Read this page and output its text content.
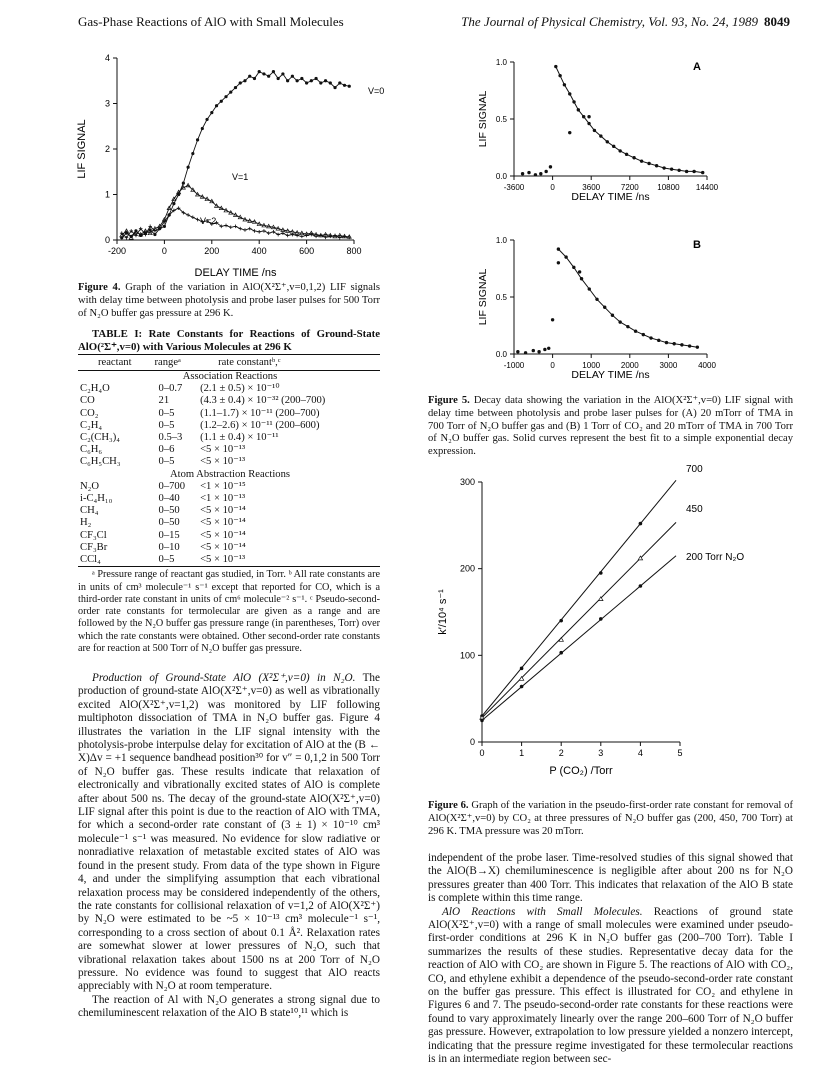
Gas-Phase Reactions of AlO with Small Molecules	The Journal of Physical Chemistry, Vol. 93, No. 24, 1989 8049
-200	0	200	400	600	800
0
1
2
3
4
DELAY TIME /ns
LIF SIGNAL
V=0
V=1
V=2

Figure 4. Graph of the variation in AlO(X²Σ⁺,v=0,1,2) LIF signals with delay time between photolysis and probe laser pulses for 500 Torr of N₂O buffer gas pressure at 296 K.

TABLE I: Rate Constants for Reactions of Ground-State AlO(²Σ⁺,v=0) with Various Molecules at 296 K

reactant	rangeᵃ	rate constantᵇ,ᶜ
Association Reactions		
C₂H₄O	0–0.7	(2.1 ± 0.5) × 10⁻¹⁰
CO	21	(4.3 ± 0.4) × 10⁻³² (200–700)
CO₂	0–5	(1.1–1.7) × 10⁻¹¹ (200–700)
C₂H₄	0–5	(1.2–2.6) × 10⁻¹¹ (200–600)
C₂(CH₃)₄	0.5–3	(1.1 ± 0.4) × 10⁻¹¹
C₆H₆	0–6	<5 × 10⁻¹³
C₆H₅CH₃	0–5	<5 × 10⁻¹³
Atom Abstraction Reactions		
N₂O	0–700	<1 × 10⁻¹⁵
i-C₄H₁₀	0–40	<1 × 10⁻¹³
CH₄	0–50	<5 × 10⁻¹⁴
H₂	0–50	<5 × 10⁻¹⁴
CF₃Cl	0–15	<5 × 10⁻¹⁴
CF₃Br	0–10	<5 × 10⁻¹⁴
CCl₄	0–5	<5 × 10⁻¹³

ᵃ Pressure range of reactant gas studied, in Torr. ᵇ All rate constants are in units of cm³ molecule⁻¹ s⁻¹ except that reported for CO, which is a third-order rate constant in units of cm⁶ molecule⁻² s⁻¹. ᶜ Pseudo-second-order rate constants for termolecular are given as a range and are followed by the N₂O buffer gas pressure range (in parentheses, Torr) over which the rate constants were obtained. Other second-order rate constants are for reaction at 500 Torr of N₂O buffer gas pressure.

Production of Ground-State AlO (X²Σ⁺,v=0) in N₂O. The production of ground-state AlO(X²Σ⁺,v=0) as well as vibrationally excited AlO(X²Σ⁺,v=1,2) was monitored by LIF following multiphoton dissociation of TMA in N₂O buffer gas. Figure 4 illustrates the variation in the LIF signal intensity with the photolysis-probe interpulse delay for excitation of AlO at the (B ← X)Δv = +1 sequence bandhead position³⁰ for v″ = 0,1,2 in 500 Torr of N₂O buffer gas. These results indicate that relaxation of electronically and vibrationally excited states of AlO is complete after about 500 ns. The decay of the ground-state AlO(X²Σ⁺,v=0) LIF signal after this point is due to the reaction of AlO with TMA, for which a second-order rate constant of (3 ± 1) × 10⁻¹⁰ cm³ molecule⁻¹ s⁻¹ was measured. No evidence for slow radiative or nonradiative relaxation of metastable excited states of AlO was found in the present study. From data of the type shown in Figure 4, and under the simplifying assumption that each vibrational relaxation process may be considered independently of the others, the rate constants for collisional relaxation of v=1,2 of AlO(X²Σ⁺) by N₂O were estimated to be ~5 × 10⁻¹³ cm³ molecule⁻¹ s⁻¹, corresponding to a cross section of about 0.1 Å². Relaxation rates are somewhat slower at lower pressures of N₂O, such that vibrational relaxation takes about 1500 ns at 200 Torr of N₂O pressure. No evidence was found to suggest that AlO reacts appreciably with N₂O at room temperature.

The reaction of Al with N₂O generates a strong signal due to chemiluminescent relaxation of the AlO B state¹⁰,¹¹ which is

-3600	0	3600	7200 10800 14400
0.0
0.5
1.0
DELAY TIME /ns
LIF SIGNAL
A
-1000	0	1000	2000	3000	4000
0.0
0.5
1.0
DELAY TIME /ns
LIF SIGNAL
B

Figure 5. Decay data showing the variation in the AlO(X²Σ⁺,v=0) LIF signal with delay time between photolysis and probe laser pulses for (A) 20 mTorr of TMA in 700 Torr of N₂O buffer gas and (B) 1 Torr of CO₂ and 20 mTorr of TMA in 700 Torr of N₂O buffer gas. Solid curves represent the best fit to a simple exponential decay expression.

0	1	2	3	4	5
0
100
200
300
P (CO₂) /Torr
k′/10⁴ s⁻¹
700
450
200 Torr N₂O

Figure 6. Graph of the variation in the pseudo-first-order rate constant for removal of AlO(X²Σ⁺,v=0) by CO₂ at three pressures of N₂O buffer gas (200, 450, 700 Torr) at 296 K. TMA pressure was 20 mTorr.

independent of the probe laser. Time-resolved studies of this signal showed that the AlO(B→X) chemiluminescence is negligible after about 200 ns for N₂O pressures greater than 400 Torr. This indicates that relaxation of the AlO B state is complete within this time range.

AlO Reactions with Small Molecules. Reactions of ground state AlO(X²Σ⁺,v=0) with a range of small molecules were examined under pseudo-first-order conditions at 296 K in N₂O buffer gas (200–700 Torr). Table I summarizes the results of these studies. Representative decay data for the reaction of AlO with CO₂ are shown in Figure 5. The reactions of AlO with CO₂, CO, and ethylene exhibit a dependence of the pseudo-second-order rate constant on the buffer gas pressure. This effect is illustrated for CO₂ and ethylene in Figures 6 and 7. The pseudo-second-order rate constants for these reactions were found to vary approximately linearly over the range 200–600 Torr of N₂O buffer gas pressure. However, extrapolation to low pressure yielded a nonzero intercept, indicating that the pressure regime investigated for these termolecular reactions is in an intermediate region between sec-
